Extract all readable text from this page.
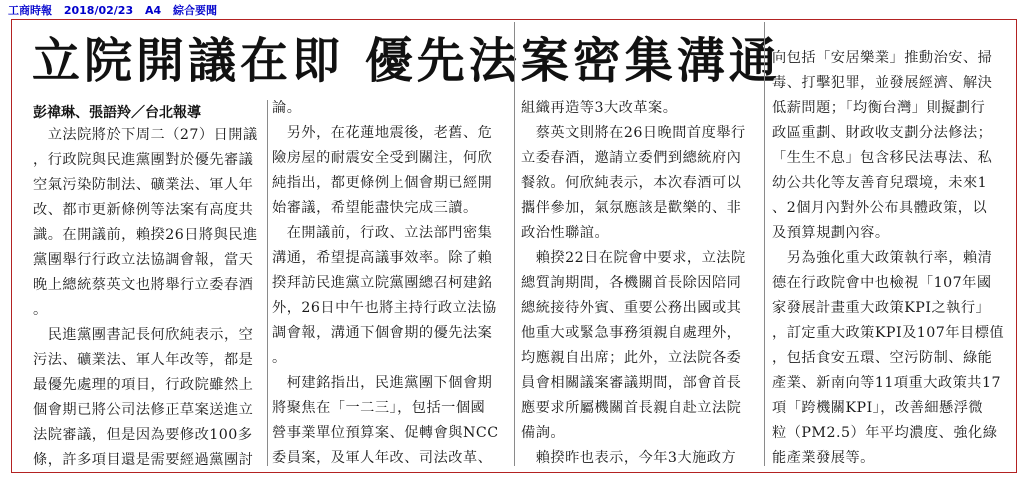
工商時報 2018/02/23 A4 綜合要聞
立院開議在即 優先法案密集溝通
彭禕琳、張語羚／台北報導
　立法院將於下周二（27）日開議
，行政院與民進黨團對於優先審議
空氣污染防制法、礦業法、軍人年
改、都市更新條例等法案有高度共
識。在開議前，賴揆26日將與民進
黨團舉行行政立法協調會報，當天
晚上總統蔡英文也將舉行立委春酒
。
　民進黨團書記長何欣純表示，空
污法、礦業法、軍人年改等，都是
最優先處理的項目，行政院雖然上
個會期已將公司法修正草案送進立
法院審議，但是因為要修改100多
條，許多項目還是需要經過黨團討
論。
　另外，在花蓮地震後，老舊、危
險房屋的耐震安全受到關注，何欣
純指出，都更條例上個會期已經開
始審議，希望能盡快完成三讀。
　在開議前，行政、立法部門密集
溝通，希望提高議事效率。除了賴
揆拜訪民進黨立院黨團總召柯建銘
外，26日中午也將主持行政立法協
調會報，溝通下個會期的優先法案
。
　柯建銘指出，民進黨團下個會期
將聚焦在「一二三」，包括一個國
營事業單位預算案、促轉會與NCC
委員案，及軍人年改、司法改革、
組織再造等3大改革案。
　蔡英文則將在26日晚間首度舉行
立委春酒，邀請立委們到總統府內
餐敘。何欣純表示，本次春酒可以
攜伴參加，氣氛應該是歡樂的、非
政治性聯誼。
　賴揆22日在院會中要求，立法院
總質詢期間，各機關首長除因陪同
總統接待外賓、重要公務出國或其
他重大或緊急事務須親自處理外，
均應親自出席；此外，立法院各委
員會相關議案審議期間，部會首長
應要求所屬機關首長親自赴立法院
備詢。
　賴揆昨也表示，今年3大施政方
向包括「安居樂業」推動治安、掃
毒、打擊犯罪，並發展經濟、解決
低薪問題；「均衡台灣」則擬劃行
政區重劃、財政收支劃分法修法；
「生生不息」包含移民法專法、私
幼公共化等友善育兒環境，未來1
、2個月內對外公布具體政策，以
及預算規劃內容。
　另為強化重大政策執行率，賴清
德在行政院會中也檢視「107年國
家發展計畫重大政策KPI之執行」
，訂定重大政策KPI及107年目標值
，包括食安五環、空污防制、綠能
產業、新南向等11項重大政策共17
項「跨機關KPI」，改善細懸浮微
粒（PM2.5）年平均濃度、強化綠
能產業發展等。
